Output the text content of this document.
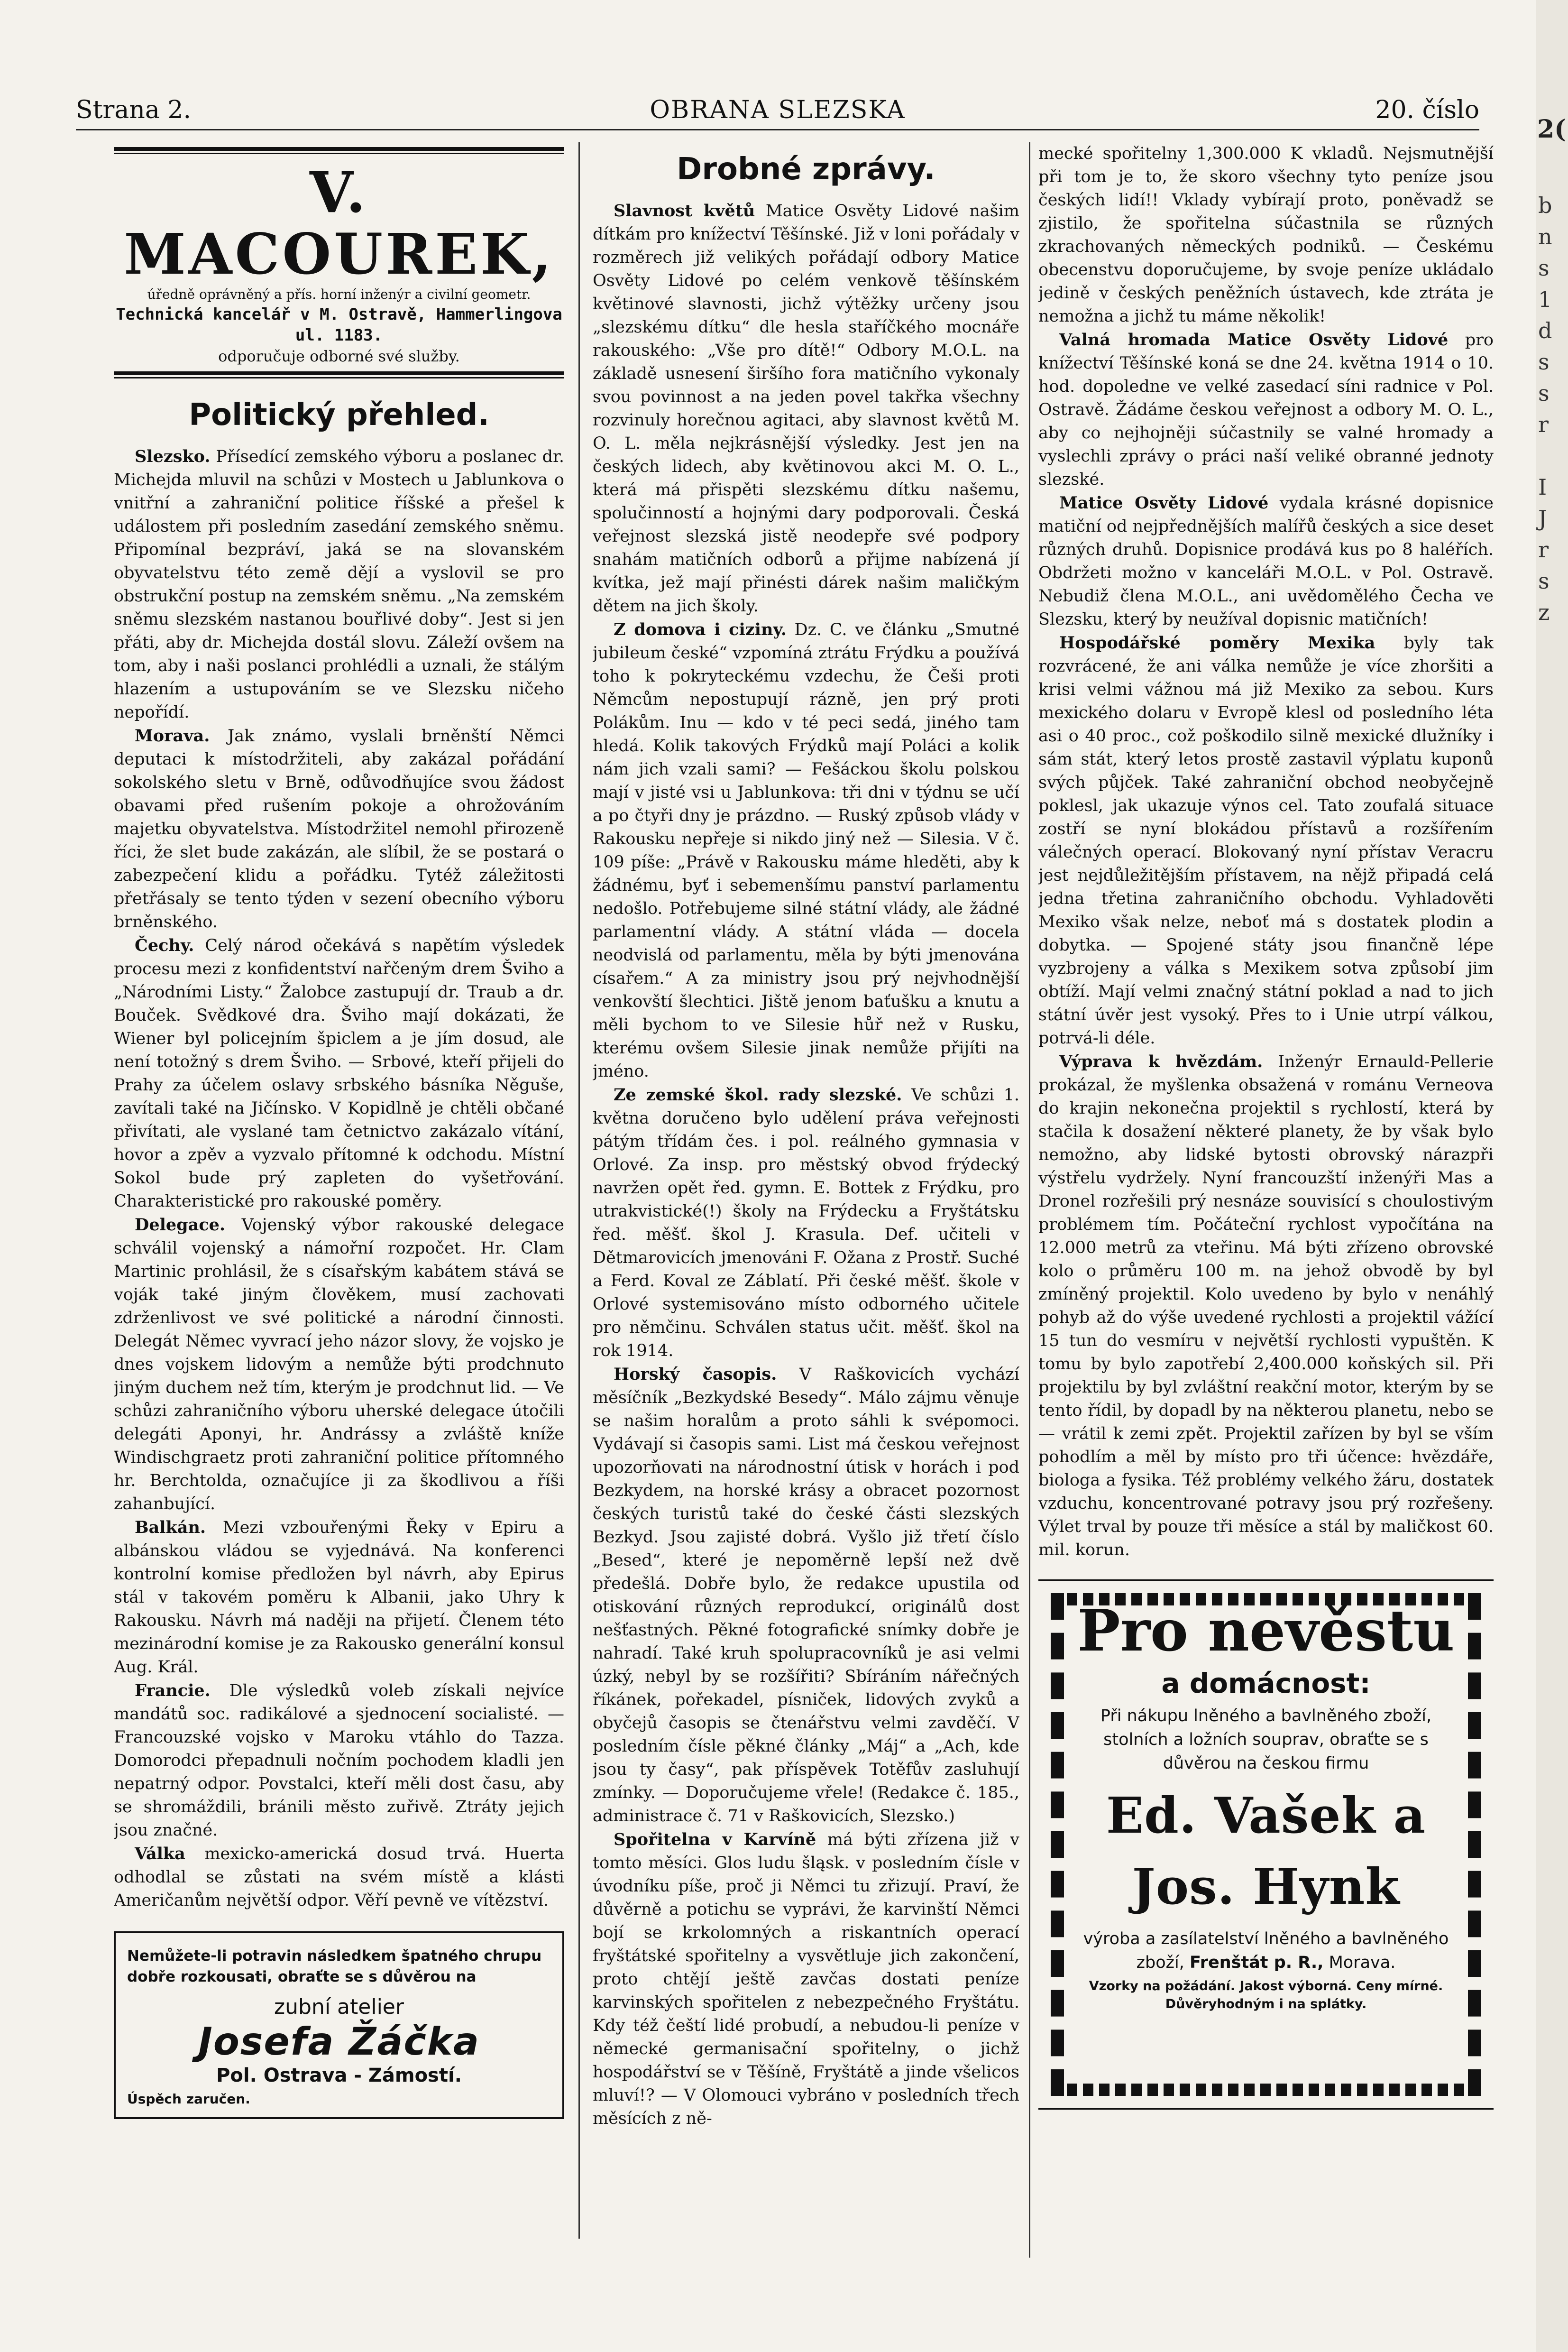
Strana 2.	OBRANA SLEZSKA	20. číslo
V. MACOUREK,
úředně oprávněný a přís. horní inženýr a civilní geometr.
Technická kancelář v M. Ostravě, Hammerlingova ul. 1183.
odporučuje odborné své služby.
Politický přehled.

Slezsko. Přísedící zemského výboru a poslanec dr. Michejda mluvil na schůzi v Mostech u Jablunkova o vnitřní a zahraniční politice říšské a přešel k událostem při posledním zasedání zemského sněmu. Připomínal bezpráví, jaká se na slovanském obyvatelstvu této země dějí a vyslovil se pro obstrukční postup na zemském sněmu. „Na zemském sněmu slezském nastanou bouřlivé doby“. Jest si jen přáti, aby dr. Michejda dostál slovu. Záleží ovšem na tom, aby i naši poslanci prohlédli a uznali, že stálým hlazením a ustupováním se ve Slezsku ničeho nepořídí.

Morava. Jak známo, vyslali brněnští Němci deputaci k místodržiteli, aby zakázal pořádání sokolského sletu v Brně, odůvodňujíce svou žádost obavami před rušením pokoje a ohrožováním majetku obyvatelstva. Místodržitel nemohl přirozeně říci, že slet bude zakázán, ale slíbil, že se postará o zabezpečení klidu a pořádku. Tytéž záležitosti přetřásaly se tento týden v sezení obecního výboru brněnského.

Čechy. Celý národ očekává s napětím výsledek procesu mezi z konfidentství nařčeným drem Šviho a „Národními Listy.“ Žalobce zastupují dr. Traub a dr. Bouček. Svědkové dra. Šviho mají dokázati, že Wiener byl policejním špiclem a je jím dosud, ale není totožný s drem Šviho. — Srbové, kteří přijeli do Prahy za účelem oslavy srbského básníka Něguše, zavítali také na Jičínsko. V Kopidlně je chtěli občané přivítati, ale vyslané tam četnictvo zakázalo vítání, hovor a zpěv a vyzvalo přítomné k odchodu. Místní Sokol bude prý zapleten do vyšetřování. Charakteristické pro rakouské poměry.

Delegace. Vojenský výbor rakouské delegace schválil vojenský a námořní rozpočet. Hr. Clam Martinic prohlásil, že s císařským kabátem stává se voják také jiným člověkem, musí zachovati zdrženlivost ve své politické a národní činnosti. Delegát Němec vyvrací jeho názor slovy, že vojsko je dnes vojskem lidovým a nemůže býti prodchnuto jiným duchem než tím, kterým je prodchnut lid. — Ve schůzi zahraničního výboru uherské delegace útočili delegáti Aponyi, hr. Andrássy a zvláště kníže Windischgraetz proti zahraniční politice přítomného hr. Berchtolda, označujíce ji za škodlivou a říši zahanbující.

Balkán. Mezi vzbouřenými Řeky v Epiru a albánskou vládou se vyjednává. Na konferenci kontrolní komise předložen byl návrh, aby Epirus stál v takovém poměru k Albanii, jako Uhry k Rakousku. Návrh má naději na přijetí. Členem této mezinárodní komise je za Rakousko generální konsul Aug. Král.

Francie. Dle výsledků voleb získali nejvíce mandátů soc. radikálové a sjednocení socialisté. — Francouzské vojsko v Maroku vtáhlo do Tazza. Domorodci přepadnuli nočním pochodem kladli jen nepatrný odpor. Povstalci, kteří měli dost času, aby se shromáždili, bránili město zuřivě. Ztráty jejich jsou značné.

Válka mexicko-americká dosud trvá. Huerta odhodlal se zůstati na svém místě a klásti Američanům největší odpor. Věří pevně ve vítězství.

Nemůžete-li potravin následkem špatného chrupu dobře rozkousati, obraťte se s důvěrou na
zubní atelier
Josefa Žáčka
Pol. Ostrava - Zámostí.
Úspěch zaručen.
Drobné zprávy.

Slavnost květů Matice Osvěty Lidové našim dítkám pro knížectví Těšínské. Již v loni pořádaly v rozměrech již velikých pořádají odbory Matice Osvěty Lidové po celém venkově těšínském květinové slavnosti, jichž výtěžky určeny jsou „slezskému dítku“ dle hesla staříčkého mocnáře rakouského: „Vše pro dítě!“ Odbory M.O.L. na základě usnesení širšího fora matičního vykonaly svou povinnost a na jeden povel takřka všechny rozvinuly horečnou agitaci, aby slavnost květů M. O. L. měla nejkrásnější výsledky. Jest jen na českých lidech, aby květinovou akci M. O. L., která má přispěti slezskému dítku našemu, spolučinností a hojnými dary podporovali. Česká veřejnost slezská jistě neodepře své podpory snahám matičních odborů a přijme nabízená jí kvítka, jež mají přinésti dárek našim maličkým dětem na jich školy.

Z domova i ciziny. Dz. C. ve článku „Smutné jubileum české“ vzpomíná ztrátu Frýdku a používá toho k pokryteckému vzdechu, že Češi proti Němcům nepostupují rázně, jen prý proti Polákům. Inu — kdo v té peci sedá, jiného tam hledá. Kolik takových Frýdků mají Poláci a kolik nám jich vzali sami? — Fešáckou školu polskou mají v jisté vsi u Jablunkova: tři dni v týdnu se učí a po čtyři dny je prázdno. — Ruský způsob vlády v Rakousku nepřeje si nikdo jiný než — Silesia. V č. 109 píše: „Právě v Rakousku máme hleděti, aby k žádnému, byť i sebemenšímu panství parlamentu nedošlo. Potřebujeme silné státní vlády, ale žádné parlamentní vlády. A státní vláda — docela neodvislá od parlamentu, měla by býti jmenována císařem.“ A za ministry jsou prý nejvhodnější venkovští šlechtici. Jiště jenom baťušku a knutu a měli bychom to ve Silesie hůř než v Rusku, kterému ovšem Silesie jinak nemůže přijíti na jméno.

Ze zemské škol. rady slezské. Ve schůzi 1. května doručeno bylo udělení práva veřejnosti pátým třídám čes. i pol. reálného gymnasia v Orlové. Za insp. pro městský obvod frýdecký navržen opět řed. gymn. E. Bottek z Frýdku, pro utrakvistické(!) školy na Frýdecku a Fryštátsku řed. měšť. škol J. Krasula. Def. učiteli v Dětmarovicích jmenováni F. Ožana z Prostř. Suché a Ferd. Koval ze Záblatí. Při české měšť. škole v Orlové systemisováno místo odborného učitele pro němčinu. Schválen status učit. měšť. škol na rok 1914.

Horský časopis. V Raškovicích vychází měsíčník „Bezkydské Besedy“. Málo zájmu věnuje se našim horalům a proto sáhli k svépomoci. Vydávají si časopis sami. List má českou veřejnost upozorňovati na národnostní útisk v horách i pod Bezkydem, na horské krásy a obracet pozornost českých turistů také do české části slezských Bezkyd. Jsou zajisté dobrá. Vyšlo již třetí číslo „Besed“, které je nepoměrně lepší než dvě předešlá. Dobře bylo, že redakce upustila od otiskování různých reprodukcí, originálů dost nešťastných. Pěkné fotografické snímky dobře je nahradí. Také kruh spolupracovníků je asi velmi úzký, nebyl by se rozšířiti? Sbíráním nářečných říkánek, pořekadel, písniček, lidových zvyků a obyčejů časopis se čtenářstvu velmi zavděčí. V posledním čísle pěkné články „Máj“ a „Ach, kde jsou ty časy“, pak příspěvek Totěfův zasluhují zmínky. — Doporučujeme vřele! (Redakce č. 185., administrace č. 71 v Raškovicích, Slezsko.)

Spořitelna v Karvíně má býti zřízena již v tomto měsíci. Glos ludu šląsk. v posledním čísle v úvodníku píše, proč ji Němci tu zřizují. Praví, že důvěrně a potichu se vyprávi, že karvinští Němci bojí se krkolomných a riskantních operací fryštátské spořitelny a vysvětluje jich zakončení, proto chtějí ještě zavčas dostati peníze karvinských spořitelen z nebezpečného Fryštátu. Kdy též čeští lidé probudí, a nebudou-li peníze v německé germanisační spořitelny, o jichž hospodářství se v Těšíně, Fryštátě a jinde všelicos mluví!? — V Olomouci vybráno v posledních třech měsících z ně-

mecké spořitelny 1,300.000 K vkladů. Nejsmutnější při tom je to, že skoro všechny tyto peníze jsou českých lidí!! Vklady vybírají proto, poněvadž se zjistilo, že spořitelna súčastnila se různých zkrachovaných německých podniků. — Českému obecenstvu doporučujeme, by svoje peníze ukládalo jedině v českých peněžních ústavech, kde ztráta je nemožna a jichž tu máme několik!

Valná hromada Matice Osvěty Lidové pro knížectví Těšínské koná se dne 24. května 1914 o 10. hod. dopoledne ve velké zasedací síni radnice v Pol. Ostravě. Žádáme českou veřejnost a odbory M. O. L., aby co nejhojněji súčastnily se valné hromady a vyslechli zprávy o práci naší veliké obranné jednoty slezské.

Matice Osvěty Lidové vydala krásné dopisnice matiční od nejpřednějších malířů českých a sice deset různých druhů. Dopisnice prodává kus po 8 haléřích. Obdržeti možno v kanceláři M.O.L. v Pol. Ostravě. Nebudiž člena M.O.L., ani uvědomělého Čecha ve Slezsku, který by neužíval dopisnic matičních!

Hospodářské poměry Mexika byly tak rozvrácené, že ani válka nemůže je více zhoršiti a krisi velmi vážnou má již Mexiko za sebou. Kurs mexického dolaru v Evropě klesl od posledního léta asi o 40 proc., což poškodilo silně mexické dlužníky i sám stát, který letos prostě zastavil výplatu kuponů svých půjček. Také zahraniční obchod neobyčejně poklesl, jak ukazuje výnos cel. Tato zoufalá situace zostří se nyní blokádou přístavů a rozšířením válečných operací. Blokovaný nyní přístav Veracru jest nejdůležitějším přístavem, na nějž připadá celá jedna třetina zahraničního obchodu. Vyhladověti Mexiko však nelze, neboť má s dostatek plodin a dobytka. — Spojené státy jsou finančně lépe vyzbrojeny a válka s Mexikem sotva způsobí jim obtíží. Mají velmi značný státní poklad a nad to jich státní úvěr jest vysoký. Přes to i Unie utrpí válkou, potrvá-li déle.

Výprava k hvězdám. Inženýr Ernauld-Pellerie prokázal, že myšlenka obsažená v románu Verneova do krajin nekonečna projektil s rychlostí, která by stačila k dosažení některé planety, že by však bylo nemožno, aby lidské bytosti obrovský nárazpři výstřelu vydržely. Nyní francouzští inženýři Mas a Dronel rozřešili prý nesnáze souvisící s choulostivým problémem tím. Počáteční rychlost vypočítána na 12.000 metrů za vteřinu. Má býti zřízeno obrovské kolo o průměru 100 m. na jehož obvodě by byl zmíněný projektil. Kolo uvedeno by bylo v nenáhlý pohyb až do výše uvedené rychlosti a projektil vážící 15 tun do vesmíru v největší rychlosti vypuštěn. K tomu by bylo zapotřebí 2,400.000 koňských sil. Při projektilu by byl zvláštní reakční motor, kterým by se tento řídil, by dopadl by na některou planetu, nebo se — vrátil k zemi zpět. Projektil zařízen by byl se vším pohodlím a měl by místo pro tři účence: hvězdáře, biologa a fysika. Též problémy velkého žáru, dostatek vzduchu, koncentrované potravy jsou prý rozřešeny. Výlet trval by pouze tři měsíce a stál by maličkost 60. mil. korun.

Pro nevěstu
a domácnost:
Při nákupu lněného a bavlněného zboží, stolních a ložních souprav, obraťte se s důvěrou na českou firmu
Ed. Vašek a Jos. Hynk
výroba a zasílatelství lněného a bavlněného zboží, Frenštát p. R., Morava.
Vzorky na požádání. Jakost výborná. Ceny mírné.
Důvěryhodným i na splátky.
2(
b
n
s
1
d
s
s
r

I
J
r
s
z
